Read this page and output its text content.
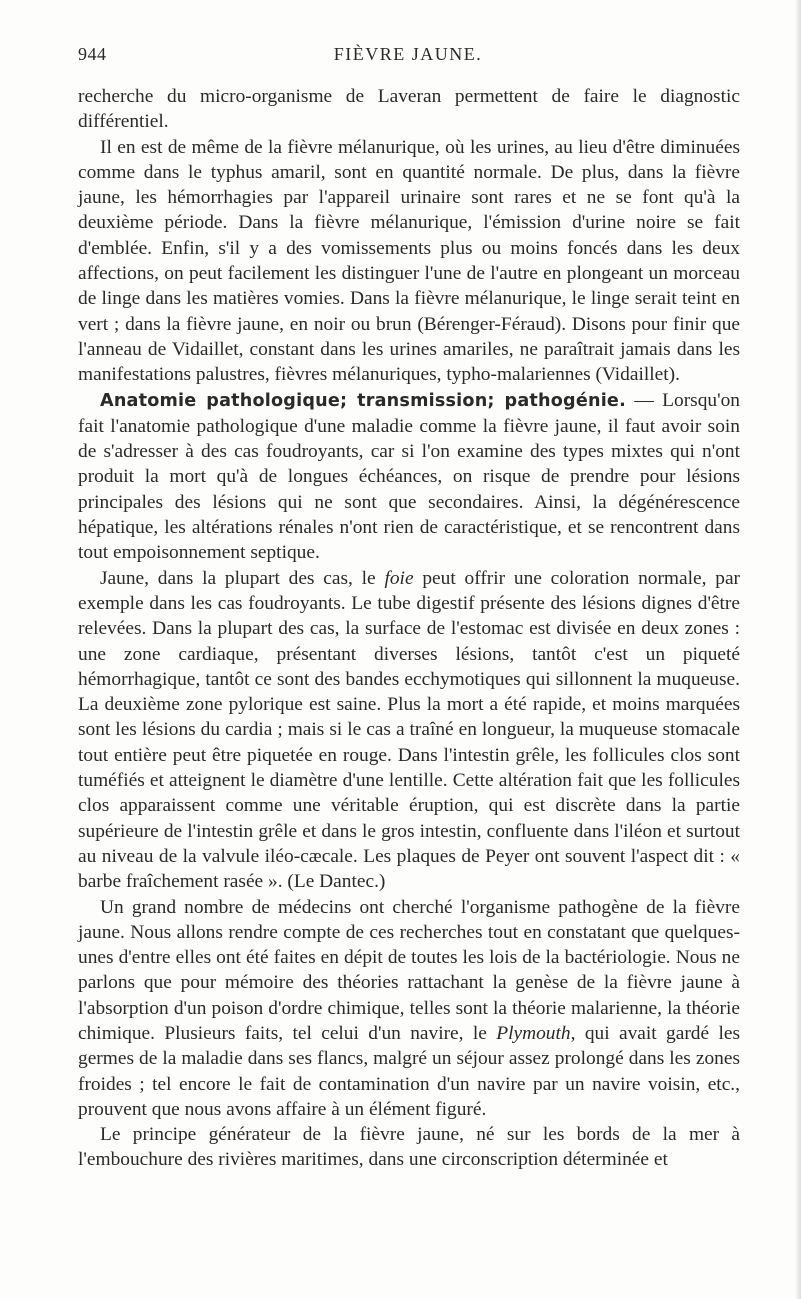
944	FIÈVRE JAUNE.

recherche du micro-organisme de Laveran permettent de faire le diagnostic différentiel.

Il en est de même de la fièvre mélanurique, où les urines, au lieu d'être diminuées comme dans le typhus amaril, sont en quantité normale. De plus, dans la fièvre jaune, les hémorrhagies par l'appareil urinaire sont rares et ne se font qu'à la deuxième période. Dans la fièvre mélanurique, l'émission d'urine noire se fait d'emblée. Enfin, s'il y a des vomissements plus ou moins foncés dans les deux affections, on peut facilement les distinguer l'une de l'autre en plongeant un morceau de linge dans les matières vomies. Dans la fièvre mélanurique, le linge serait teint en vert ; dans la fièvre jaune, en noir ou brun (Bérenger-Féraud). Disons pour finir que l'anneau de Vidaillet, constant dans les urines amariles, ne paraîtrait jamais dans les manifestations palustres, fièvres mélanuriques, typho-malariennes (Vidaillet).

Anatomie pathologique; transmission; pathogénie. — Lorsqu'on fait l'anatomie pathologique d'une maladie comme la fièvre jaune, il faut avoir soin de s'adresser à des cas foudroyants, car si l'on examine des types mixtes qui n'ont produit la mort qu'à de longues échéances, on risque de prendre pour lésions principales des lésions qui ne sont que secondaires. Ainsi, la dégénérescence hépatique, les altérations rénales n'ont rien de caractéristique, et se rencontrent dans tout empoisonnement septique.

Jaune, dans la plupart des cas, le foie peut offrir une coloration normale, par exemple dans les cas foudroyants. Le tube digestif présente des lésions dignes d'être relevées. Dans la plupart des cas, la surface de l'estomac est divisée en deux zones : une zone cardiaque, présentant diverses lésions, tantôt c'est un piqueté hémorrhagique, tantôt ce sont des bandes ecchymotiques qui sillonnent la muqueuse. La deuxième zone pylorique est saine. Plus la mort a été rapide, et moins marquées sont les lésions du cardia ; mais si le cas a traîné en longueur, la muqueuse stomacale tout entière peut être piquetée en rouge. Dans l'intestin grêle, les follicules clos sont tuméfiés et atteignent le diamètre d'une lentille. Cette altération fait que les follicules clos apparaissent comme une véritable éruption, qui est discrète dans la partie supérieure de l'intestin grêle et dans le gros intestin, confluente dans l'iléon et surtout au niveau de la valvule iléo-cæcale. Les plaques de Peyer ont souvent l'aspect dit : « barbe fraîchement rasée ». (Le Dantec.)

Un grand nombre de médecins ont cherché l'organisme pathogène de la fièvre jaune. Nous allons rendre compte de ces recherches tout en constatant que quelques-unes d'entre elles ont été faites en dépit de toutes les lois de la bactériologie. Nous ne parlons que pour mémoire des théories rattachant la genèse de la fièvre jaune à l'absorption d'un poison d'ordre chimique, telles sont la théorie malarienne, la théorie chimique. Plusieurs faits, tel celui d'un navire, le Plymouth, qui avait gardé les germes de la maladie dans ses flancs, malgré un séjour assez prolongé dans les zones froides ; tel encore le fait de contamination d'un navire par un navire voisin, etc., prouvent que nous avons affaire à un élément figuré.

Le principe générateur de la fièvre jaune, né sur les bords de la mer à l'embouchure des rivières maritimes, dans une circonscription déterminée et
